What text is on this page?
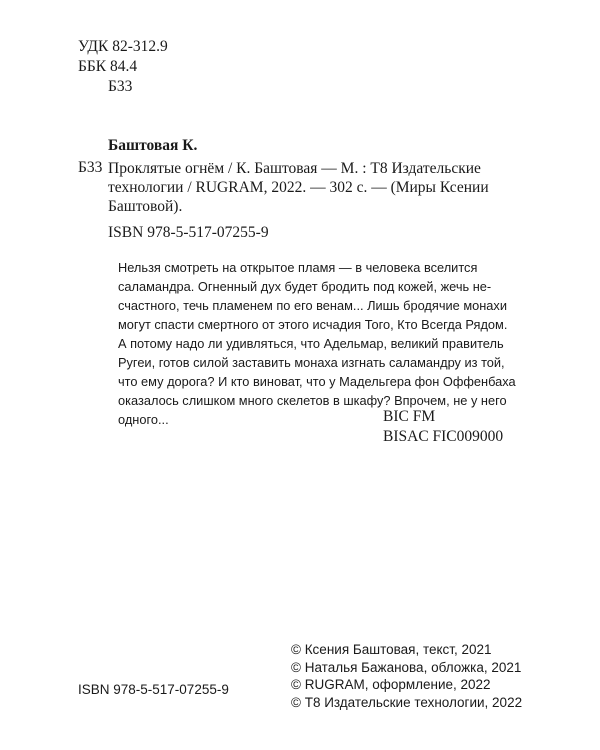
УДК 82-312.9
ББК 84.4
Б33
Баштовая К.
Б33 Проклятые огнём / К. Баштовая — М. : Т8 Издательские
технологии / RUGRAM, 2022. — 302 с. — (Миры Ксении
Баштовой).
ISBN 978-5-517-07255-9
Нельзя смотреть на открытое пламя — в человека вселится
саламандра. Огненный дух будет бродить под кожей, жечь не-
счастного, течь пламенем по его венам... Лишь бродячие монахи
могут спасти смертного от этого исчадия Того, Кто Всегда Рядом.
А потому надо ли удивляться, что Адельмар, великий правитель
Ругеи, готов силой заставить монаха изгнать саламандру из той,
что ему дорога? И кто виноват, что у Мадельгера фон Оффенбаха
оказалось слишком много скелетов в шкафу? Впрочем, не у него
одного...	BIC FM
BISAC FIC009000
© Ксения Баштовая, текст, 2021
© Наталья Бажанова, обложка, 2021
© RUGRAM, оформление, 2022
© Т8 Издательские технологии, 2022
ISBN 978-5-517-07255-9
